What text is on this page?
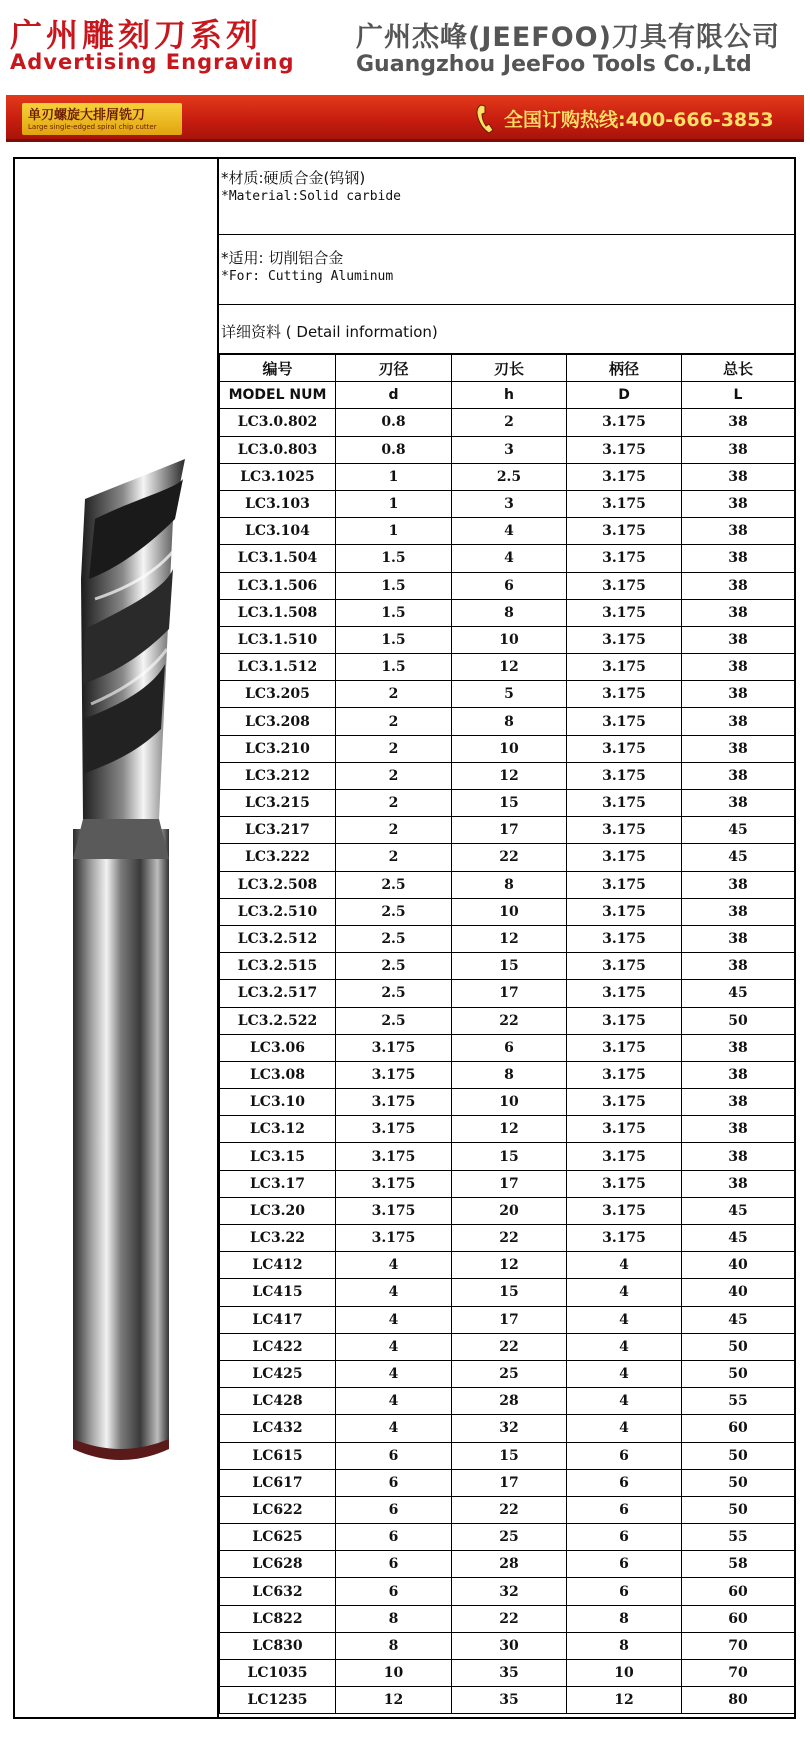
广州雕刻刀系列
Advertising Engraving
广州杰峰(JEEFOO)刀具有限公司
Guangzhou JeeFoo Tools Co.,Ltd
单刃螺旋大排屑铣刀
Large single-edged spiral chip cutter	全国订购热线:400-666-3853
*材质:硬质合金(钨钢)
*Material:Solid carbide
*适用: 切削铝合金
*For: Cutting Aluminum
详细资料 ( Detail information)
编号	刃径	刃长	柄径	总长
MODEL NUM	d	h	D	L
LC3.0.802	0.8	2	3.175	38
LC3.0.803	0.8	3	3.175	38
LC3.1025	1	2.5	3.175	38
LC3.103	1	3	3.175	38
LC3.104	1	4	3.175	38
LC3.1.504	1.5	4	3.175	38
LC3.1.506	1.5	6	3.175	38
LC3.1.508	1.5	8	3.175	38
LC3.1.510	1.5	10	3.175	38
LC3.1.512	1.5	12	3.175	38
LC3.205	2	5	3.175	38
LC3.208	2	8	3.175	38
LC3.210	2	10	3.175	38
LC3.212	2	12	3.175	38
LC3.215	2	15	3.175	38
LC3.217	2	17	3.175	45
LC3.222	2	22	3.175	45
LC3.2.508	2.5	8	3.175	38
LC3.2.510	2.5	10	3.175	38
LC3.2.512	2.5	12	3.175	38
LC3.2.515	2.5	15	3.175	38
LC3.2.517	2.5	17	3.175	45
LC3.2.522	2.5	22	3.175	50
LC3.06	3.175	6	3.175	38
LC3.08	3.175	8	3.175	38
LC3.10	3.175	10	3.175	38
LC3.12	3.175	12	3.175	38
LC3.15	3.175	15	3.175	38
LC3.17	3.175	17	3.175	38
LC3.20	3.175	20	3.175	45
LC3.22	3.175	22	3.175	45
LC412	4	12	4	40
LC415	4	15	4	40
LC417	4	17	4	45
LC422	4	22	4	50
LC425	4	25	4	50
LC428	4	28	4	55
LC432	4	32	4	60
LC615	6	15	6	50
LC617	6	17	6	50
LC622	6	22	6	50
LC625	6	25	6	55
LC628	6	28	6	58
LC632	6	32	6	60
LC822	8	22	8	60
LC830	8	30	8	70
LC1035	10	35	10	70
LC1235	12	35	12	80
